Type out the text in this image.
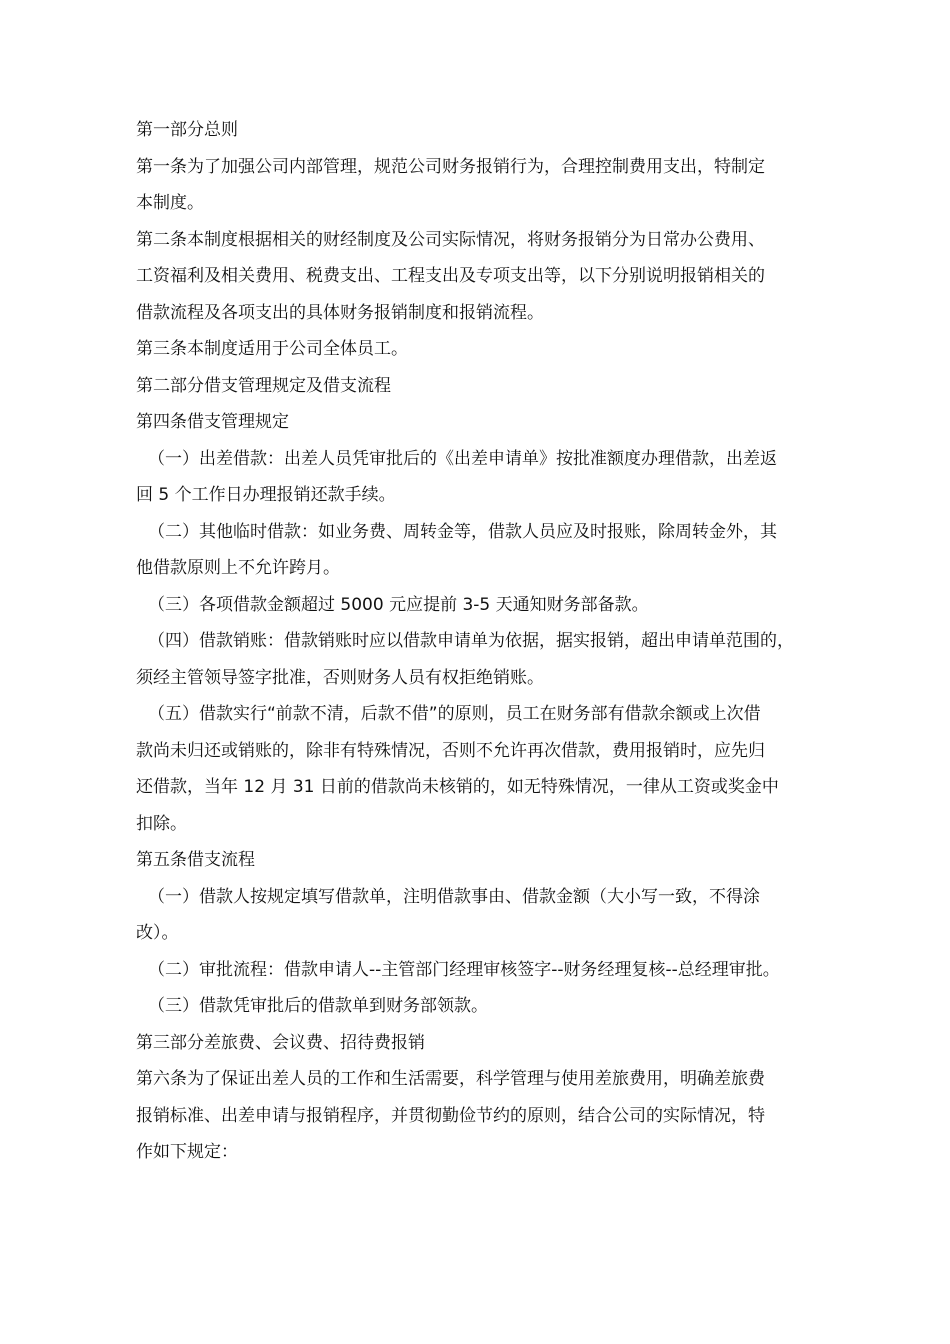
第一部分总则

第一条为了加强公司内部管理，规范公司财务报销行为，合理控制费用支出，特制定

本制度。

第二条本制度根据相关的财经制度及公司实际情况，将财务报销分为日常办公费用、

工资福利及相关费用、税费支出、工程支出及专项支出等，以下分别说明报销相关的

借款流程及各项支出的具体财务报销制度和报销流程。

第三条本制度适用于公司全体员工。

第二部分借支管理规定及借支流程

第四条借支管理规定

（一）出差借款：出差人员凭审批后的《出差申请单》按批准额度办理借款，出差返

回 5 个工作日办理报销还款手续。

（二）其他临时借款：如业务费、周转金等，借款人员应及时报账，除周转金外，其

他借款原则上不允许跨月。

（三）各项借款金额超过 5000 元应提前 3-5 天通知财务部备款。

（四）借款销账：借款销账时应以借款申请单为依据，据实报销，超出申请单范围的，

须经主管领导签字批准，否则财务人员有权拒绝销账。

（五）借款实行“前款不清，后款不借”的原则，员工在财务部有借款余额或上次借

款尚未归还或销账的，除非有特殊情况，否则不允许再次借款，费用报销时，应先归

还借款，当年 12 月 31 日前的借款尚未核销的，如无特殊情况，一律从工资或奖金中

扣除。

第五条借支流程

（一）借款人按规定填写借款单，注明借款事由、借款金额（大小写一致，不得涂

改）。

（二）审批流程：借款申请人--主管部门经理审核签字--财务经理复核--总经理审批。

（三）借款凭审批后的借款单到财务部领款。

第三部分差旅费、会议费、招待费报销

第六条为了保证出差人员的工作和生活需要，科学管理与使用差旅费用，明确差旅费

报销标准、出差申请与报销程序，并贯彻勤俭节约的原则，结合公司的实际情况，特

作如下规定：
